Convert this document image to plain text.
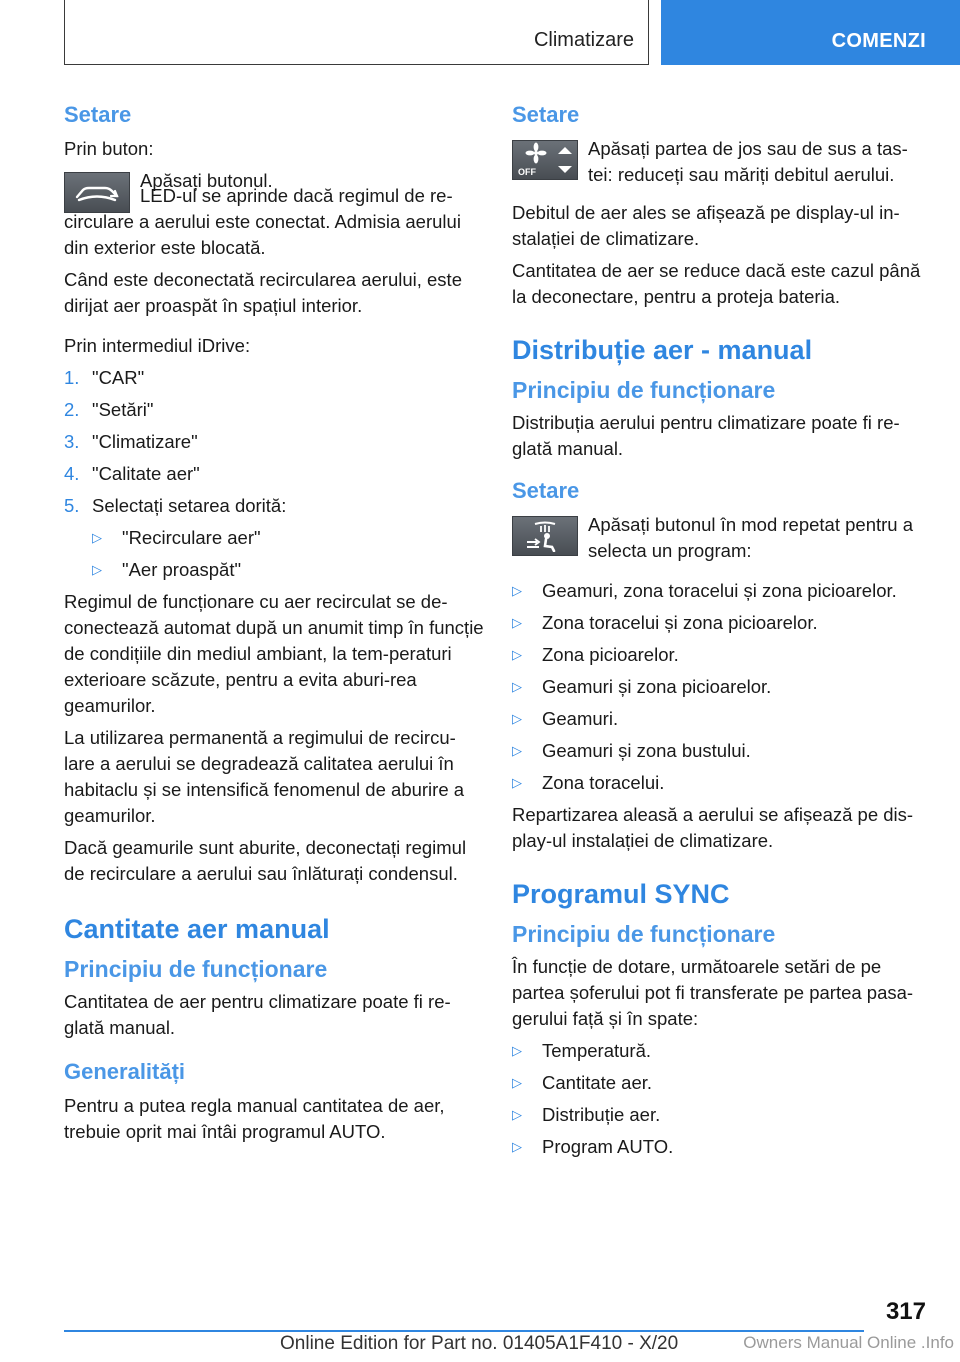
Climatizare	COMENZI
Setare

Prin buton:

Apăsați butonul.

LED-ul se aprinde dacă regimul de re-circulare a aerului este conectat. Admisia aerului din exterior este blocată.

Când este deconectată recircularea aerului, este dirijat aer proaspăt în spațiul interior.

Prin intermediul iDrive:

1. "CAR"
2. "Setări"
3. "Climatizare"
4. "Calitate aer"
5. Selectați setarea dorită:
▷	"Recirculare aer"
▷	"Aer proaspăt"

Regimul de funcționare cu aer recirculat se de-conectează automat după un anumit timp în funcție de condițiile din mediul ambiant, la tem-peraturi exterioare scăzute, pentru a evita aburi-rea geamurilor.

La utilizarea permanentă a regimului de recircu-lare a aerului se degradează calitatea aerului în habitaclu și se intensifică fenomenul de aburire a geamurilor.

Dacă geamurile sunt aburite, deconectați regimul de recirculare a aerului sau înlăturați condensul.

Cantitate aer manual
Principiu de funcționare

Cantitatea de aer pentru climatizare poate fi re-glată manual.

Generalități

Pentru a putea regla manual cantitatea de aer, trebuie oprit mai întâi programul AUTO.

Setare
OFF

Apăsați partea de jos sau de sus a tas-tei: reduceți sau măriți debitul aerului.

Debitul de aer ales se afișează pe display-ul in-stalației de climatizare.

Cantitatea de aer se reduce dacă este cazul până la deconectare, pentru a proteja bateria.

Distribuție aer - manual
Principiu de funcționare

Distribuția aerului pentru climatizare poate fi re-glată manual.

Setare

Apăsați butonul în mod repetat pentru a selecta un program:

▷	Geamuri, zona toracelui și zona picioarelor.
▷	Zona toracelui și zona picioarelor.
▷	Zona picioarelor.
▷	Geamuri și zona picioarelor.
▷	Geamuri.
▷	Geamuri și zona bustului.
▷	Zona toracelui.

Repartizarea aleasă a aerului se afișează pe dis-play-ul instalației de climatizare.

Programul SYNC
Principiu de funcționare

În funcție de dotare, următoarele setări de pe partea șoferului pot fi transferate pe partea pasa-gerului față și în spate:

▷	Temperatură.
▷	Cantitate aer.
▷	Distribuție aer.
▷	Program AUTO.
317
Online Edition for Part no. 01405A1F410 - X/20	Owners Manual Online .Info
